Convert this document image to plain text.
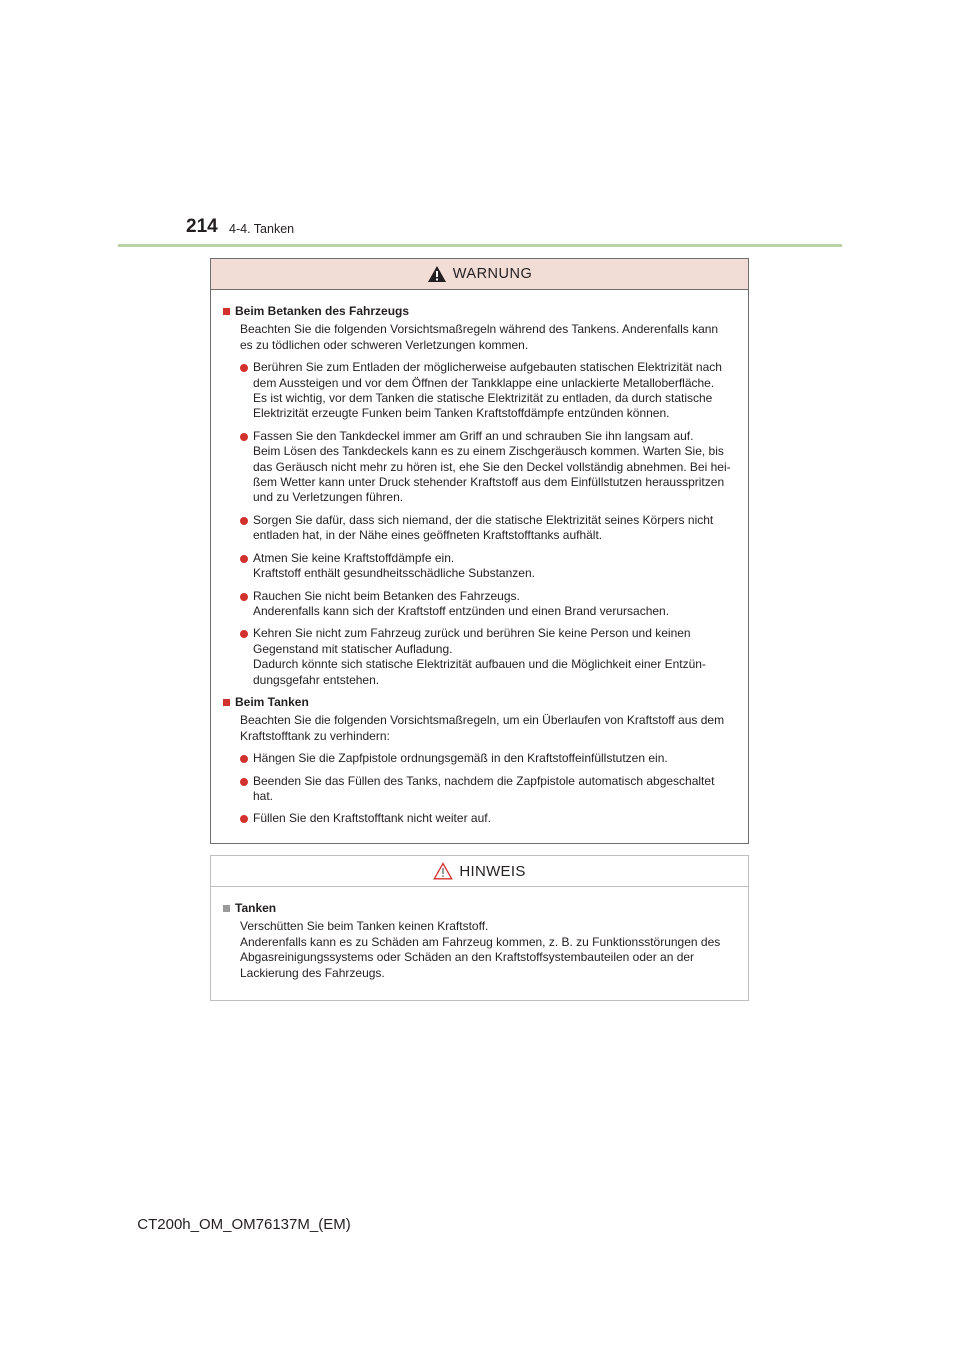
214 4-4. Tanken
WARNUNG
Beim Betanken des Fahrzeugs
Beachten Sie die folgenden Vorsichtsmaßregeln während des Tankens. Anderenfalls kann
es zu tödlichen oder schweren Verletzungen kommen.
Berühren Sie zum Entladen der möglicherweise aufgebauten statischen Elektrizität nach
dem Aussteigen und vor dem Öffnen der Tankklappe eine unlackierte Metalloberfläche.
Es ist wichtig, vor dem Tanken die statische Elektrizität zu entladen, da durch statische
Elektrizität erzeugte Funken beim Tanken Kraftstoffdämpfe entzünden können.
Fassen Sie den Tankdeckel immer am Griff an und schrauben Sie ihn langsam auf.
Beim Lösen des Tankdeckels kann es zu einem Zischgeräusch kommen. Warten Sie, bis
das Geräusch nicht mehr zu hören ist, ehe Sie den Deckel vollständig abnehmen. Bei hei-
ßem Wetter kann unter Druck stehender Kraftstoff aus dem Einfüllstutzen herausspritzen
und zu Verletzungen führen.
Sorgen Sie dafür, dass sich niemand, der die statische Elektrizität seines Körpers nicht
entladen hat, in der Nähe eines geöffneten Kraftstofftanks aufhält.
Atmen Sie keine Kraftstoffdämpfe ein.
Kraftstoff enthält gesundheitsschädliche Substanzen.
Rauchen Sie nicht beim Betanken des Fahrzeugs.
Anderenfalls kann sich der Kraftstoff entzünden und einen Brand verursachen.
Kehren Sie nicht zum Fahrzeug zurück und berühren Sie keine Person und keinen
Gegenstand mit statischer Aufladung.
Dadurch könnte sich statische Elektrizität aufbauen und die Möglichkeit einer Entzün-
dungsgefahr entstehen.
Beim Tanken
Beachten Sie die folgenden Vorsichtsmaßregeln, um ein Überlaufen von Kraftstoff aus dem
Kraftstofftank zu verhindern:
Hängen Sie die Zapfpistole ordnungsgemäß in den Kraftstoffeinfüllstutzen ein.
Beenden Sie das Füllen des Tanks, nachdem die Zapfpistole automatisch abgeschaltet
hat.
Füllen Sie den Kraftstofftank nicht weiter auf.
HINWEIS
Tanken
Verschütten Sie beim Tanken keinen Kraftstoff.
Anderenfalls kann es zu Schäden am Fahrzeug kommen, z. B. zu Funktionsstörungen des
Abgasreinigungssystems oder Schäden an den Kraftstoffsystembauteilen oder an der
Lackierung des Fahrzeugs.
CT200h_OM_OM76137M_(EM)
